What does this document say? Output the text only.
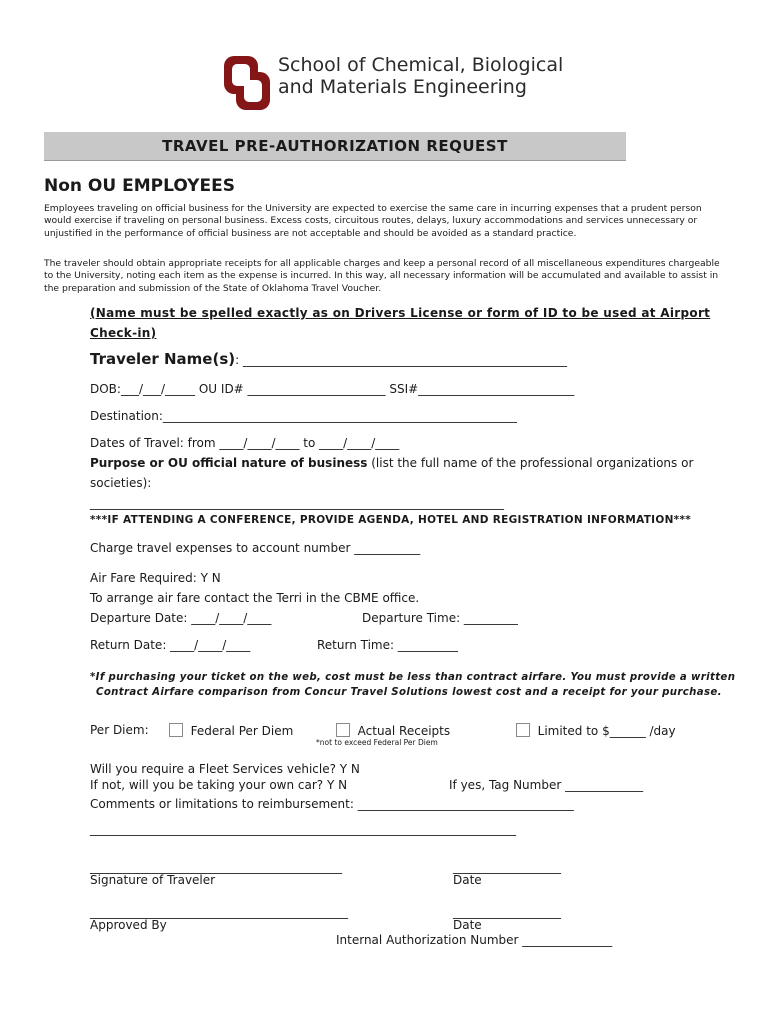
School of Chemical, Biological
and Materials Engineering
TRAVEL PRE-AUTHORIZATION REQUEST
Non OU EMPLOYEES
Employees traveling on official business for the University are expected to exercise the same care in incurring expenses that a prudent person would exercise if traveling on personal business. Excess costs, circuitous routes, delays, luxury accommodations and services unnecessary or unjustified in the performance of official business are not acceptable and should be avoided as a standard practice.
The traveler should obtain appropriate receipts for all applicable charges and keep a personal record of all miscellaneous expenditures chargeable to the University, noting each item as the expense is incurred. In this way, all necessary information will be accumulated and available to assist in the preparation and submission of the State of Oklahoma Travel Voucher.
(Name must be spelled exactly as on Drivers License or form of ID to be used at Airport Check-in)
Traveler Name(s): ______________________________________________________
DOB:___/___/_____ OU ID# _______________________ SSI#__________________________
Destination:___________________________________________________________
Dates of Travel: from ____/____/____ to ____/____/____
Purpose or OU official nature of business (list the full name of the professional organizations or
societies):
_____________________________________________________________________
***IF ATTENDING A CONFERENCE, PROVIDE AGENDA, HOTEL AND REGISTRATION INFORMATION***
Charge travel expenses to account number ___________
Air Fare Required: Y N
To arrange air fare contact the Terri in the CBME office.
Departure Date: ____/____/____	Departure Time: _________
Return Date: ____/____/____	Return Time: __________
*If purchasing your ticket on the web, cost must be less than contract airfare. You must provide a written
Contract Airfare comparison from Concur Travel Solutions lowest cost and a receipt for your purchase.
Per Diem:	Federal Per Diem	Actual Receipts
*not to exceed Federal Per Diem
Limited to $______ /day
Will you require a Fleet Services vehicle? Y N
If not, will you be taking your own car? Y N	If yes, Tag Number _____________
Comments or limitations to reimbursement: ____________________________________
_______________________________________________________________________
__________________________________________	__________________
Signature of Traveler	Date
___________________________________________	__________________
Approved By	Date
Internal Authorization Number _______________
